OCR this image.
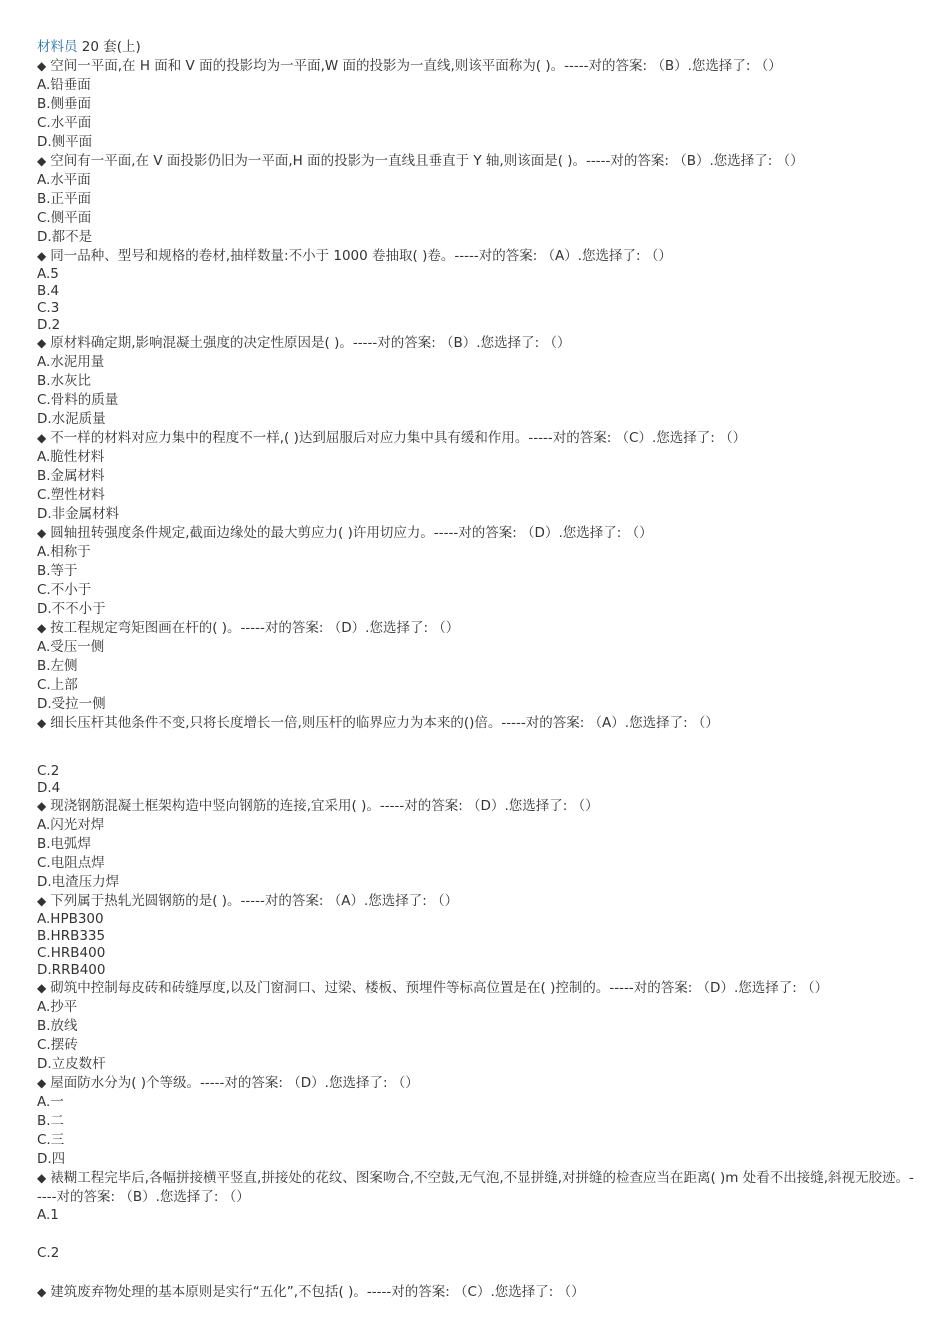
材料员 20 套(上)
◆ 空间一平面,在 H 面和 V 面的投影均为一平面,W 面的投影为一直线,则该平面称为( )。-----对的答案: （B）.您选择了: （）
A.铅垂面
B.侧垂面
C.水平面
D.侧平面
◆ 空间有一平面,在 V 面投影仍旧为一平面,H 面的投影为一直线且垂直于 Y 轴,则该面是( )。-----对的答案: （B）.您选择了: （）
A.水平面
B.正平面
C.侧平面
D.都不是
◆ 同一品种、型号和规格的卷材,抽样数量:不小于 1000 卷抽取( )卷。-----对的答案: （A）.您选择了: （）
A.5
B.4
C.3
D.2
◆ 原材料确定期,影响混凝土强度的决定性原因是( )。-----对的答案: （B）.您选择了: （）
A.水泥用量
B.水灰比
C.骨料的质量
D.水泥质量
◆ 不一样的材料对应力集中的程度不一样,( )达到屈服后对应力集中具有缓和作用。-----对的答案: （C）.您选择了: （）
A.脆性材料
B.金属材料
C.塑性材料
D.非金属材料
◆ 圆轴扭转强度条件规定,截面边缘处的最大剪应力( )许用切应力。-----对的答案: （D）.您选择了: （）
A.相称于
B.等于
C.不小于
D.不不小于
◆ 按工程规定弯矩图画在杆的( )。-----对的答案: （D）.您选择了: （）
A.受压一侧
B.左侧
C.上部
D.受拉一侧
◆ 细长压杆其他条件不变,只将长度增长一倍,则压杆的临界应力为本来的()倍。-----对的答案: （A）.您选择了: （）
C.2
D.4
◆ 现浇钢筋混凝土框架构造中竖向钢筋的连接,宜采用( )。-----对的答案: （D）.您选择了: （）
A.闪光对焊
B.电弧焊
C.电阻点焊
D.电渣压力焊
◆ 下列属于热轧光圆钢筋的是( )。-----对的答案: （A）.您选择了: （）
A.HPB300
B.HRB335
C.HRB400
D.RRB400
◆ 砌筑中控制每皮砖和砖缝厚度,以及门窗洞口、过梁、楼板、预埋件等标高位置是在( )控制的。-----对的答案: （D）.您选择了: （）
A.抄平
B.放线
C.摆砖
D.立皮数杆
◆ 屋面防水分为( )个等级。-----对的答案: （D）.您选择了: （）
A.一
B.二
C.三
D.四
◆ 裱糊工程完毕后,各幅拼接横平竖直,拼接处的花纹、图案吻合,不空鼓,无气泡,不显拼缝,对拼缝的检查应当在距离( )m 处看不出接缝,斜视无胶迹。-----对的答案: （B）.您选择了: （）
A.1
C.2
◆ 建筑废弃物处理的基本原则是实行“五化”,不包括( )。-----对的答案: （C）.您选择了: （）
